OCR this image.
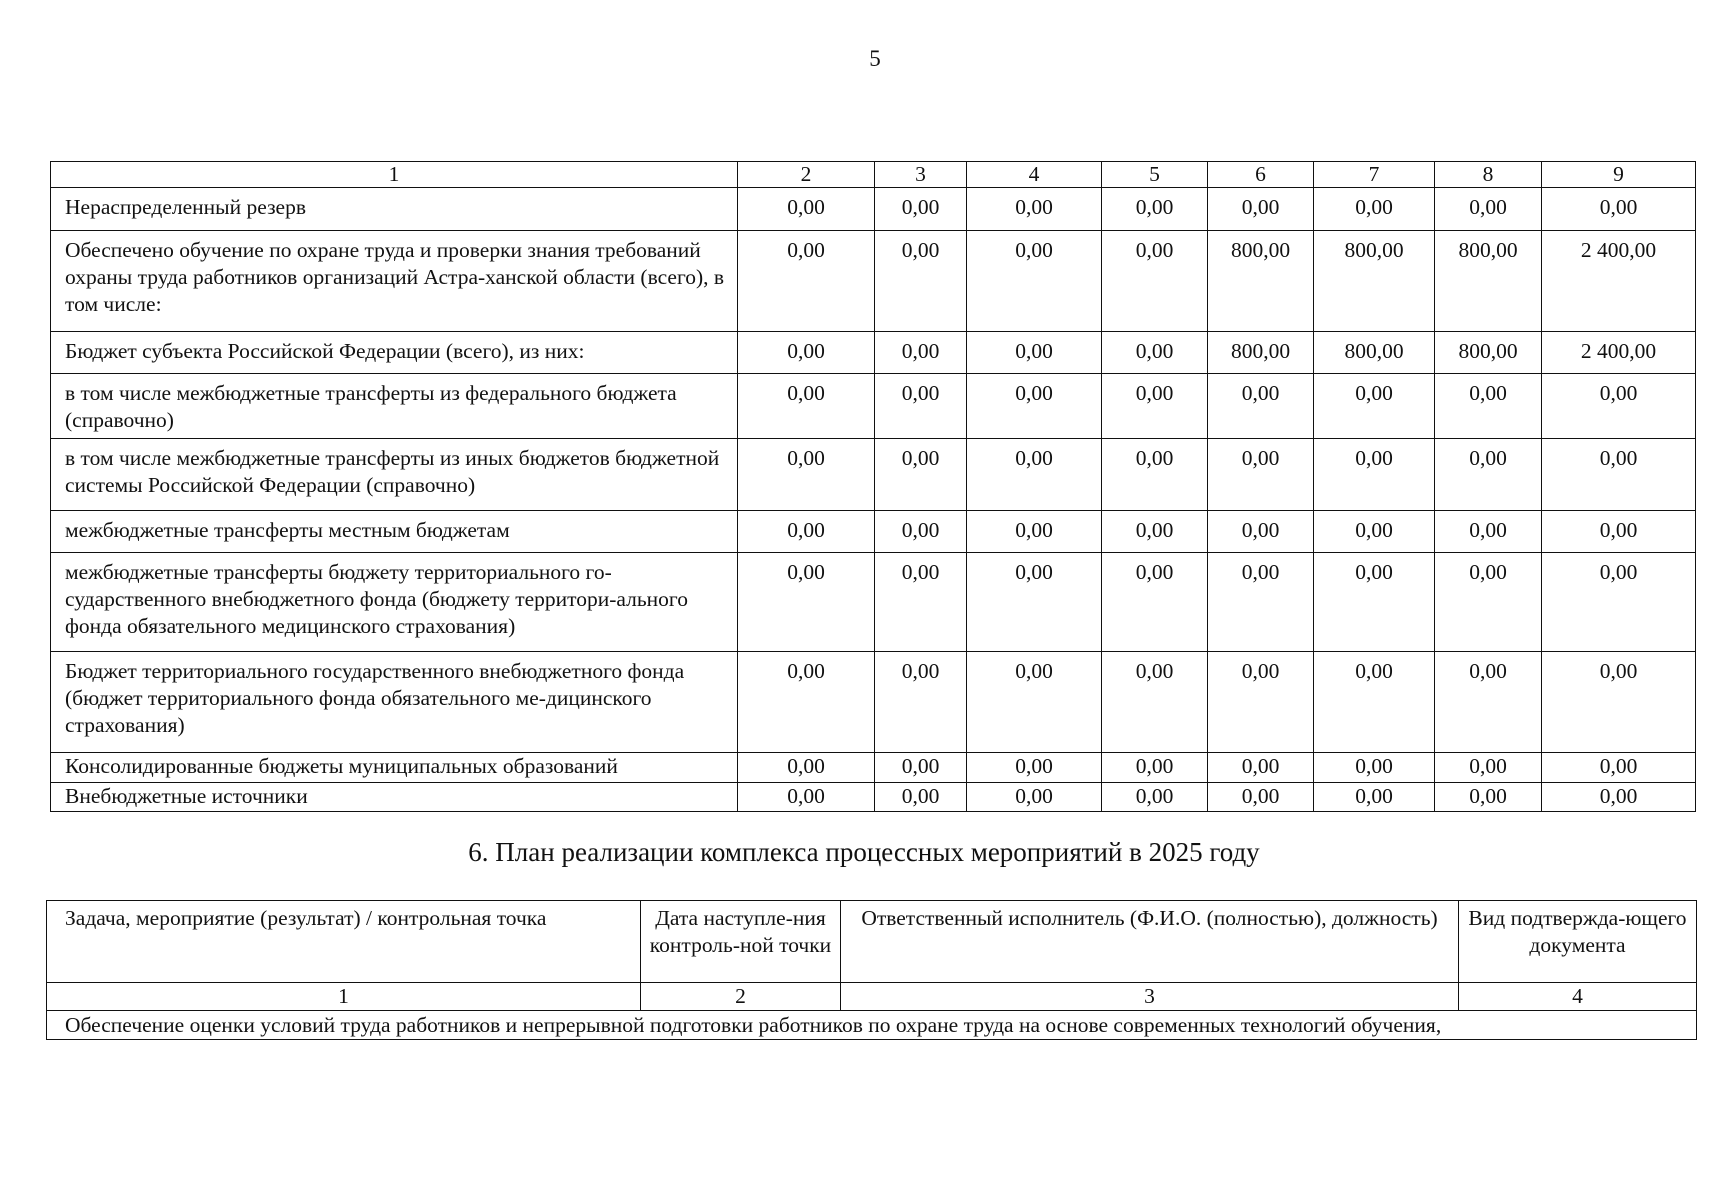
5
1	2	3	4	5	6	7	8	9
Нераспределенный резерв	0,00	0,00	0,00	0,00	0,00	0,00	0,00	0,00
Обеспечено обучение по охране труда и проверки знания требований охраны труда работников организаций Астра-ханской области (всего), в том числе:	0,00	0,00	0,00	0,00	800,00	800,00	800,00	2 400,00
Бюджет субъекта Российской Федерации (всего), из них:	0,00	0,00	0,00	0,00	800,00	800,00	800,00	2 400,00
в том числе межбюджетные трансферты из федерального бюджета (справочно)	0,00	0,00	0,00	0,00	0,00	0,00	0,00	0,00
в том числе межбюджетные трансферты из иных бюджетов бюджетной системы Российской Федерации (справочно)	0,00	0,00	0,00	0,00	0,00	0,00	0,00	0,00
межбюджетные трансферты местным бюджетам	0,00	0,00	0,00	0,00	0,00	0,00	0,00	0,00
межбюджетные трансферты бюджету территориального го-сударственного внебюджетного фонда (бюджету территори-ального фонда обязательного медицинского страхования)	0,00	0,00	0,00	0,00	0,00	0,00	0,00	0,00
Бюджет территориального государственного внебюджетного фонда (бюджет территориального фонда обязательного ме-дицинского страхования)	0,00	0,00	0,00	0,00	0,00	0,00	0,00	0,00
Консолидированные бюджеты муниципальных образований	0,00	0,00	0,00	0,00	0,00	0,00	0,00	0,00
Внебюджетные источники	0,00	0,00	0,00	0,00	0,00	0,00	0,00	0,00
6. План реализации комплекса процессных мероприятий в 2025 году
Задача, мероприятие (результат) / контрольная точка	Дата наступле-ния контроль-ной точки	Ответственный исполнитель (Ф.И.О. (полностью), должность)	Вид подтвержда-ющего документа
1	2	3	4
Обеспечение оценки условий труда работников и непрерывной подготовки работников по охране труда на основе современных технологий обучения,			
